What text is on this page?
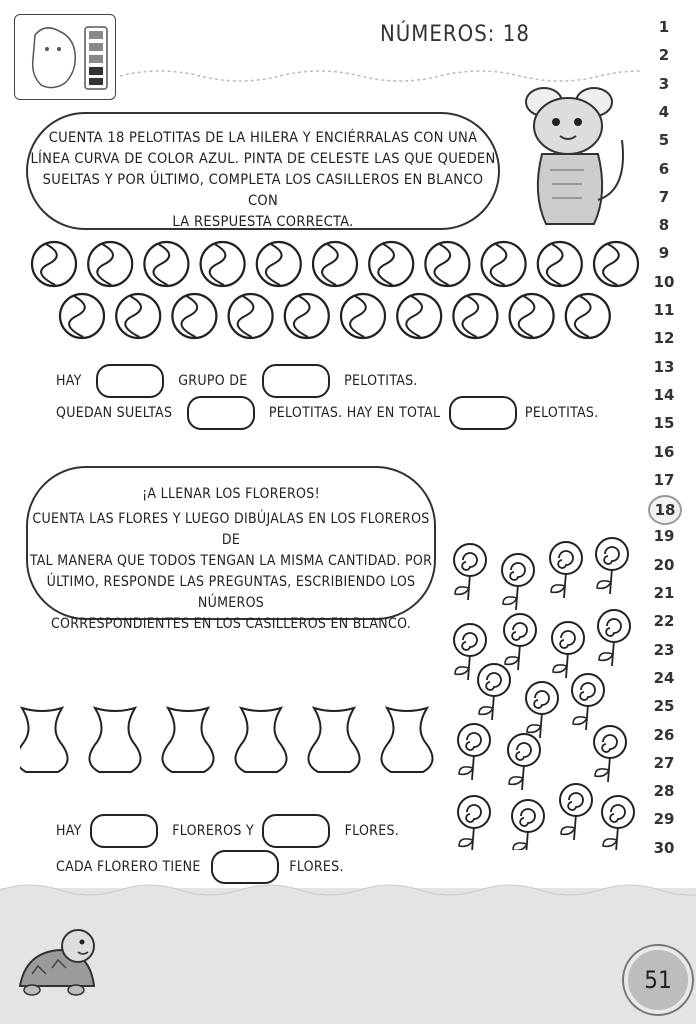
NÚMEROS: 18
CUENTA 18 PELOTITAS DE LA HILERA Y ENCIÉRRALAS CON UNA
LÍNEA CURVA DE COLOR AZUL. PINTA DE CELESTE LAS QUE QUEDEN
SUELTAS Y POR ÚLTIMO, COMPLETA LOS CASILLEROS EN BLANCO CON
LA RESPUESTA CORRECTA.
HAY	GRUPO DE	PELOTITAS.
QUEDAN SUELTAS	PELOTITAS. HAY EN TOTAL	PELOTITAS.
¡A LLENAR LOS FLOREROS!
CUENTA LAS FLORES Y LUEGO DIBÚJALAS EN LOS FLOREROS DE
TAL MANERA QUE TODOS TENGAN LA MISMA CANTIDAD. POR
ÚLTIMO, RESPONDE LAS PREGUNTAS, ESCRIBIENDO LOS NÚMEROS
CORRESPONDIENTES EN LOS CASILLEROS EN BLANCO.
HAY	FLOREROS Y	FLORES.
CADA FLORERO TIENE	FLORES.
1
2
3
4
5
6
7
8
9
10
11
12
13
14
15
16
17
18
19
20
21
22
23
24
25
26
27
28
29
30
51
